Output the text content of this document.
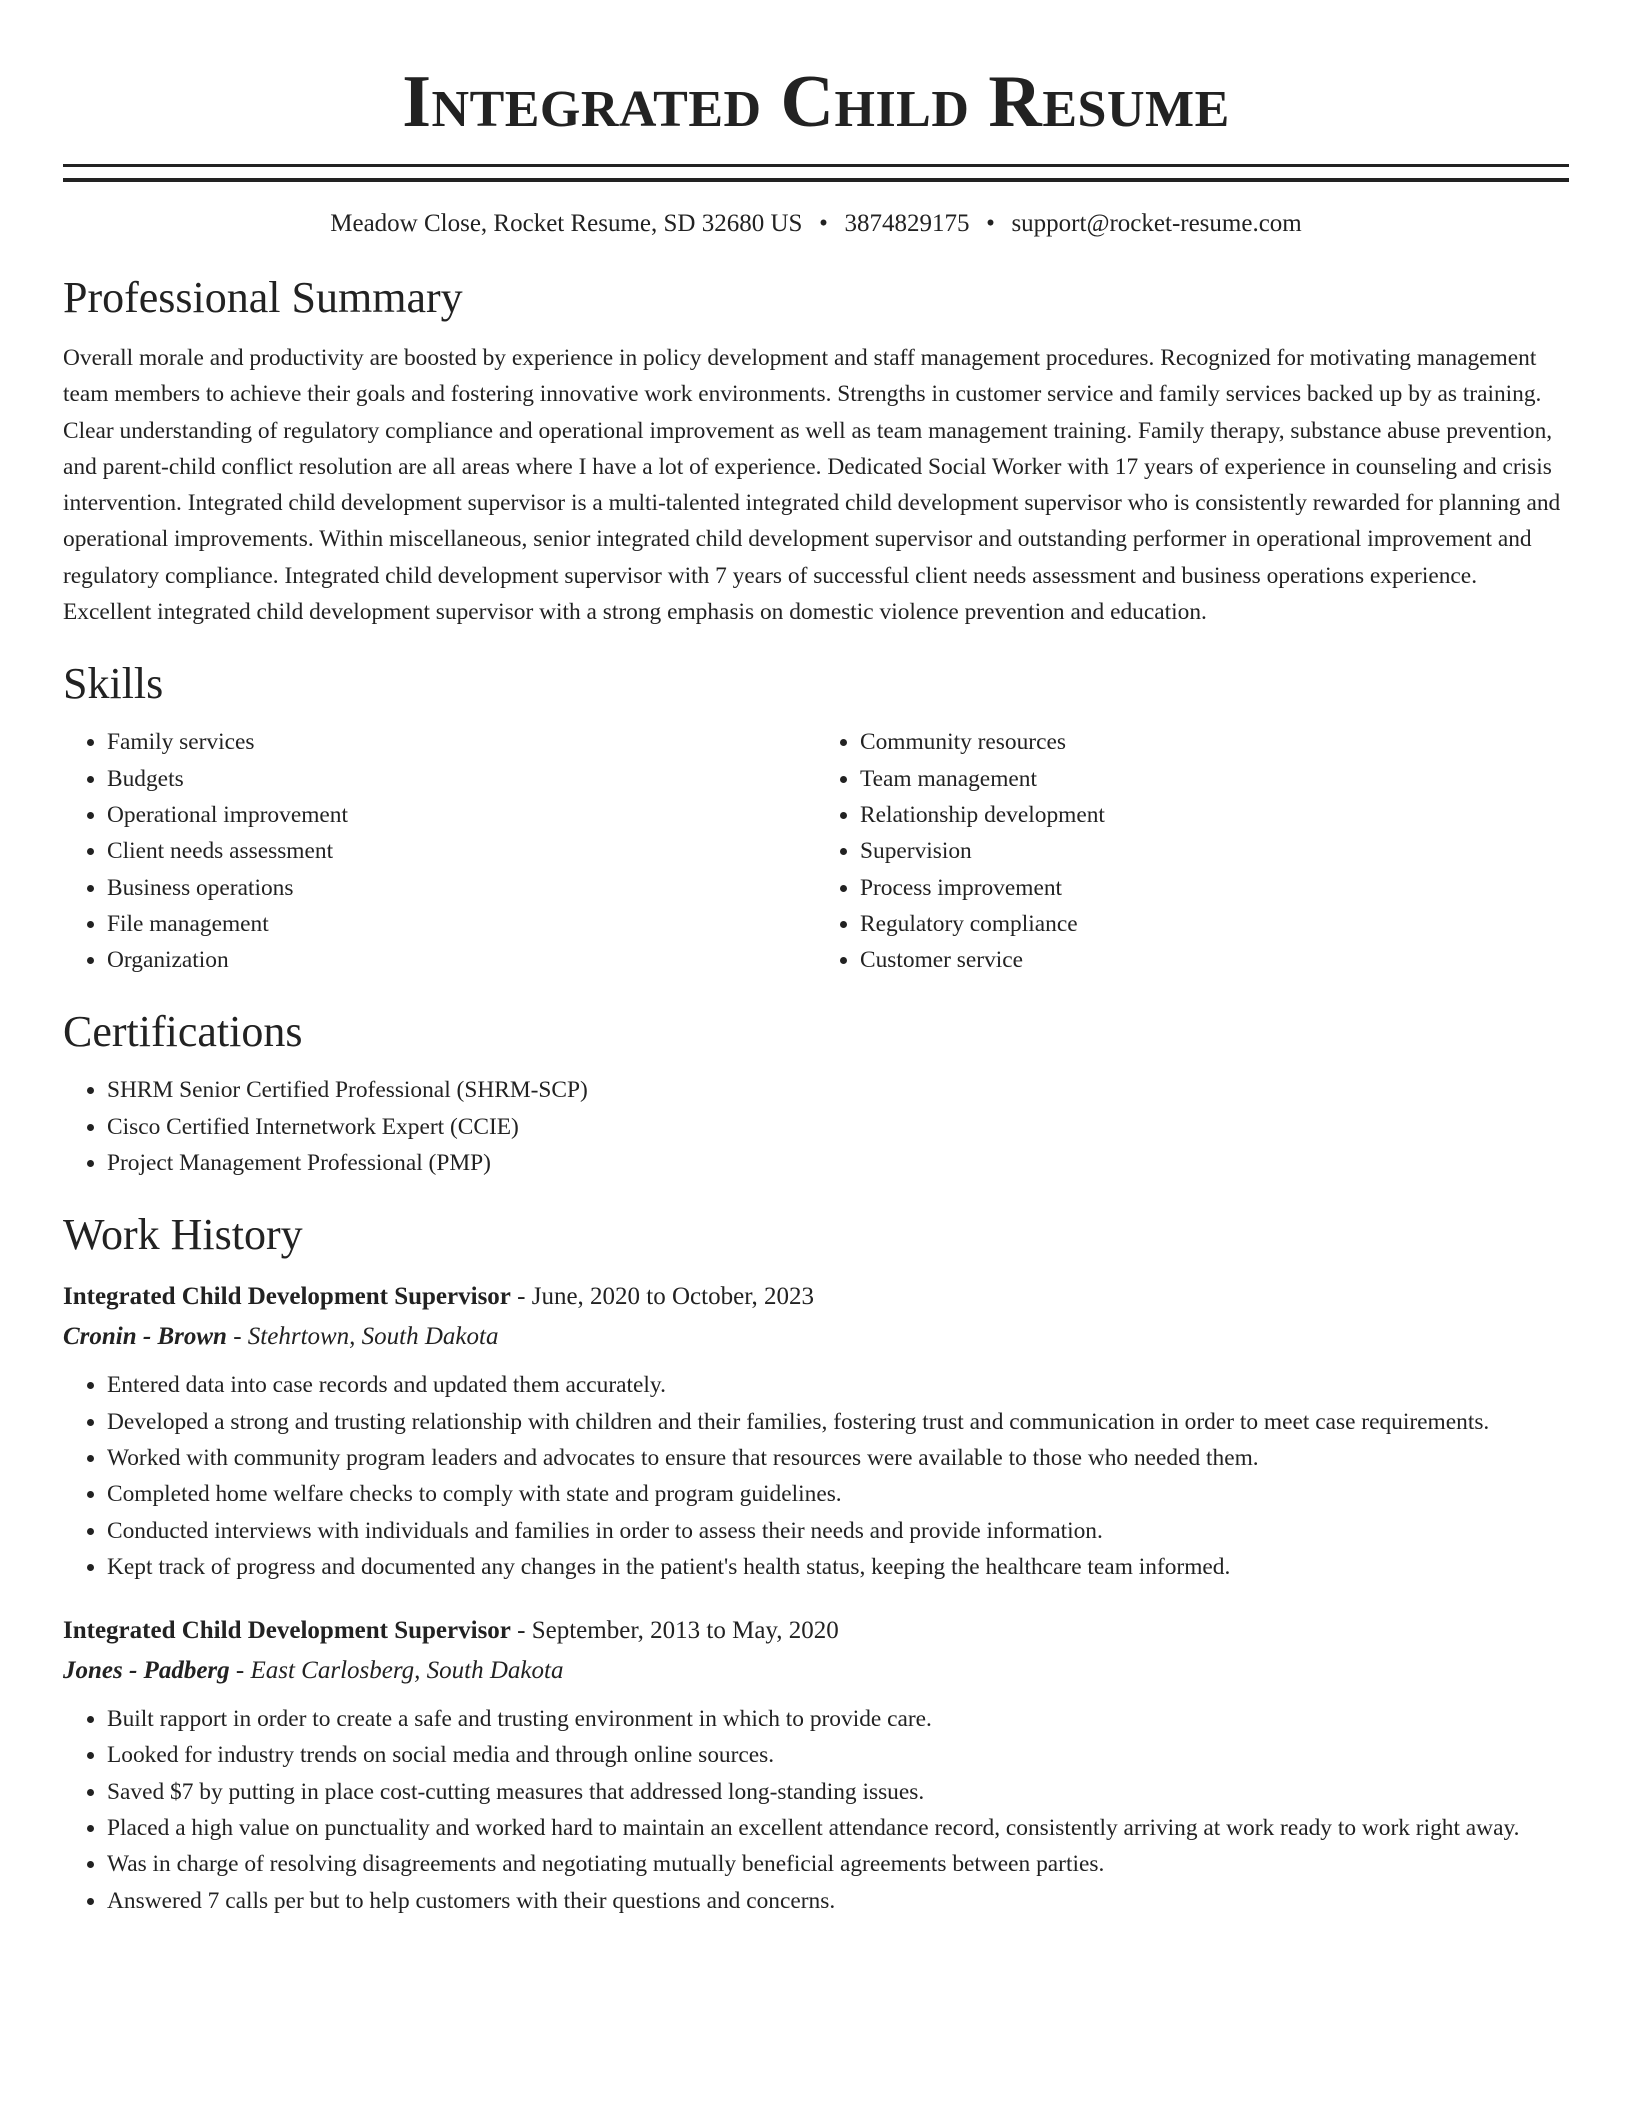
Integrated Child Resume
Meadow Close, Rocket Resume, SD 32680 US • 3874829175 • support@rocket-resume.com
Professional Summary

Overall morale and productivity are boosted by experience in policy development and staff management procedures. Recognized for motivating management team members to achieve their goals and fostering innovative work environments. Strengths in customer service and family services backed up by as training. Clear understanding of regulatory compliance and operational improvement as well as team management training. Family therapy, substance abuse prevention, and parent-child conflict resolution are all areas where I have a lot of experience. Dedicated Social Worker with 17 years of experience in counseling and crisis intervention. Integrated child development supervisor is a multi-talented integrated child development supervisor who is consistently rewarded for planning and operational improvements. Within miscellaneous, senior integrated child development supervisor and outstanding performer in operational improvement and regulatory compliance. Integrated child development supervisor with 7 years of successful client needs assessment and business operations experience. Excellent integrated child development supervisor with a strong emphasis on domestic violence prevention and education.

Skills
• Family services
• Budgets
• Operational improvement
• Client needs assessment
• Business operations
• File management
• Organization
• Community resources
• Team management
• Relationship development
• Supervision
• Process improvement
• Regulatory compliance
• Customer service
Certifications
• SHRM Senior Certified Professional (SHRM-SCP)
• Cisco Certified Internetwork Expert (CCIE)
• Project Management Professional (PMP)
Work History
Integrated Child Development Supervisor - June, 2020 to October, 2023
Cronin - Brown - Stehrtown, South Dakota
• Entered data into case records and updated them accurately.
• Developed a strong and trusting relationship with children and their families, fostering trust and communication in order to meet case requirements.
• Worked with community program leaders and advocates to ensure that resources were available to those who needed them.
• Completed home welfare checks to comply with state and program guidelines.
• Conducted interviews with individuals and families in order to assess their needs and provide information.
• Kept track of progress and documented any changes in the patient's health status, keeping the healthcare team informed.
Integrated Child Development Supervisor - September, 2013 to May, 2020
Jones - Padberg - East Carlosberg, South Dakota
• Built rapport in order to create a safe and trusting environment in which to provide care.
• Looked for industry trends on social media and through online sources.
• Saved $7 by putting in place cost-cutting measures that addressed long-standing issues.
• Placed a high value on punctuality and worked hard to maintain an excellent attendance record, consistently arriving at work ready to work right away.
• Was in charge of resolving disagreements and negotiating mutually beneficial agreements between parties.
• Answered 7 calls per but to help customers with their questions and concerns.
